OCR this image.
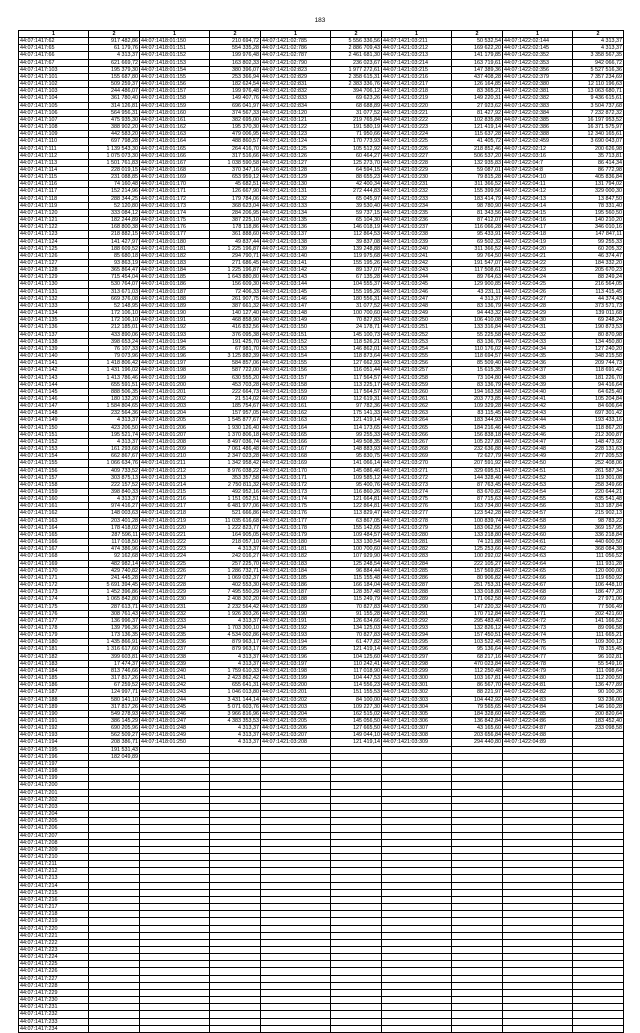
183
1	2	1	2	1	2	1	2	1	2
44:07:1417:62	917 482,86	44:07:1418:01:150	210 694,72	44:07:1421:02:785	5 556 336,56	44:07:1421:03:211	50 532,54	44:07:1422:02:144	4 313,37
44:07:1417:65	61 179,76	44:07:1418:01:151	554 335,28	44:07:1421:02:786	2 886 709,43	44:07:1421:03:212	169 622,20	44:07:1422:02:145	4 313,37
44:07:1417:66	4 313,37	44:07:1418:01:152	199 976,48	44:07:1421:02:787	2 461 681,30	44:07:1421:03:213	141 179,85	44:07:1422:02:352	3 358 567,35
44:07:1417:67	621 669,72	44:07:1418:01:153	163 802,33	44:07:1421:02:790	236 023,67	44:07:1421:03:214	163 719,61	44:07:1422:02:353	942 066,72
44:07:1417:103	195 379,30	44:07:1418:01:154	380 396,07	44:07:1421:02:823	1 977 272,61	44:07:1421:03:215	147 389,36	44:07:1422:02:356	5 527 516,36
44:07:1417:101	155 687,80	44:07:1418:01:155	253 366,94	44:07:1421:02:829	2 358 615,31	44:07:1421:03:216	437 408,28	44:07:1422:02:379	7 357 234,69
44:07:1417:102	509 259,37	44:07:1418:01:156	182 624,54	44:07:1421:02:831	2 383 336,76	44:07:1421:03:217	126 164,85	44:07:1422:02:380	12 110 196,63
44:07:1417:103	244 486,07	44:07:1418:01:157	199 976,48	44:07:1421:02:832	394 706,12	44:07:1421:03:218	83 365,21	44:07:1422:02:381	13 063 680,71
44:07:1417:104	361 780,40	44:07:1418:01:158	149 407,76	44:07:1421:02:833	69 623,26	44:07:1421:03:219	149 220,31	44:07:1422:02:382	9 436 615,61
44:07:1417:105	314 126,81	44:07:1418:01:159	696 041,97	44:07:1421:02:834	68 688,89	44:07:1421:03:220	27 923,62	44:07:1422:02:383	3 504 737,68
44:07:1417:106	564 956,31	44:07:1418:01:160	374 567,33	44:07:1421:03:120	31 077,52	44:07:1421:03:221	81 427,92	44:07:1422:02:384	7 232 872,32
44:07:1417:107	475 935,30	44:07:1418:01:161	382 695,00	44:07:1421:03:121	219 765,84	44:07:1421:03:222	102 835,88	44:07:1422:02:385	16 197 953,52
44:07:1417:108	388 902,20	44:07:1418:01:162	195 370,30	44:07:1421:03:122	191 580,19	44:07:1421:03:223	121 419,14	44:07:1422:02:386	16 371 575,97
44:07:1417:109	442 583,20	44:07:1418:01:163	479 006,95	44:07:1421:03:123	71 950,66	44:07:1421:03:224	115 637,28	44:07:1422:02:388	12 340 165,61
44:07:1417:110	697 798,28	44:07:1418:01:164	488 860,57	44:07:1421:03:124	170 773,93	44:07:1421:03:225	41 405,72	44:07:1422:02:459	3 690 043,07
44:07:1417:111	1 139 543,30	44:07:1418:01:165	264 416,70	44:07:1421:03:125	105 512,92	44:07:1421:03:226	218 852,46	44:07:1422:02:12	200 626,98
44:07:1417:112	1 075 073,30	44:07:1418:01:166	317 516,66	44:07:1421:03:126	60 464,27	44:07:1421:03:227	506 537,20	44:07:1422:03:16	35 713,81
44:07:1417:113	1 501 761,83	44:07:1418:01:167	1 038 590,58	44:07:1421:03:127	125 273,70	44:07:1421:03:228	132 935,83	44:07:1422:04:7	86 414,34
44:07:1417:114	228 019,15	44:07:1418:01:168	370 347,16	44:07:1421:03:128	64 594,15	44:07:1421:03:229	59 087,01	44:07:1422:04:8	86 772,98
44:07:1417:115	231 088,85	44:07:1418:01:169	653 959,12	44:07:1421:03:129	88 655,23	44:07:1421:03:230	79 815,28	44:07:1422:04:10	405 836,84
44:07:1417:116	74 160,48	44:07:1418:01:170	45 682,51	44:07:1421:03:130	42 400,34	44:07:1421:03:231	311 366,52	44:07:1422:04:11	131 794,02
44:07:1417:117	152 214,96	44:07:1418:01:171	126 667,90	44:07:1421:03:131	272 444,83	44:07:1421:03:232	155 399,56	44:07:1422:04:12	329 000,30
44:07:1417:118	288 344,25	44:07:1418:01:172	179 784,06	44:07:1421:03:132	65 045,97	44:07:1421:03:233	183 414,79	44:07:1422:04:13	13 847,50
44:07:1417:119	52 120,80	44:07:1418:01:173	368 623,04	44:07:1421:03:133	39 530,40	44:07:1421:03:234	98 780,90	44:07:1422:04:14	78 331,40
44:07:1417:120	333 084,12	44:07:1418:01:174	284 206,95	44:07:1421:03:134	59 737,15	44:07:1421:03:235	81 343,56	44:07:1422:04:15	195 560,50
44:07:1417:121	182 244,89	44:07:1418:01:175	387 225,10	44:07:1421:03:135	65 104,30	44:07:1421:03:236	87 412,07	44:07:1422:04:16	140 210,20
44:07:1417:122	168 800,38	44:07:1418:01:176	178 118,86	44:07:1421:03:136	146 018,19	44:07:1421:03:237	116 066,28	44:07:1422:04:17	346 010,16
44:07:1417:123	218 882,15	44:07:1418:01:177	361 888,60	44:07:1421:03:137	112 864,53	44:07:1421:03:238	95 433,91	44:07:1422:04:18	147 847,11
44:07:1417:124	141 427,97	44:07:1418:01:180	49 837,44	44:07:1421:03:138	39 837,08	44:07:1421:03:239	69 502,32	44:07:1422:04:19	99 255,33
44:07:1417:125	188 609,52	44:07:1418:01:181	1 225 196,87	44:07:1421:03:139	139 248,88	44:07:1421:03:240	311 366,52	44:07:1422:04:20	60 205,32
44:07:1417:126	85 680,18	44:07:1418:01:182	294 790,71	44:07:1421:03:140	119 975,68	44:07:1421:03:241	99 764,50	44:07:1422:04:21	46 374,47
44:07:1417:127	93 863,19	44:07:1418:01:183	271 686,45	44:07:1421:03:141	155 195,26	44:07:1421:03:242	191 547,07	44:07:1422:04:22	184 332,20
44:07:1417:128	365 864,47	44:07:1418:01:184	1 225 196,87	44:07:1421:03:142	89 137,07	44:07:1421:03:243	117 508,61	44:07:1422:04:23	205 670,23
44:07:1417:129	715 454,04	44:07:1418:01:185	1 643 880,80	44:07:1421:03:143	67 135,28	44:07:1421:03:244	89 764,63	44:07:1422:04:24	88 249,24
44:07:1417:130	530 764,07	44:07:1418:01:186	156 609,30	44:07:1421:03:144	104 555,37	44:07:1421:03:245	129 900,85	44:07:1422:04:25	216 564,05
44:07:1417:131	313 671,03	44:07:1418:01:187	72 406,33	44:07:1421:03:145	155 195,26	44:07:1421:03:246	43 231,11	44:07:1422:04:26	113 415,45
44:07:1417:132	669 376,08	44:07:1418:01:188	261 907,75	44:07:1421:03:146	180 556,31	44:07:1421:03:247	4 313,37	44:07:1422:04:27	44 374,43
44:07:1417:133	52 148,95	44:07:1418:01:189	387 661,32	44:07:1421:03:147	31 077,52	44:07:1421:03:248	83 136,79	44:07:1422:04:28	373 571,73
44:07:1417:134	172 106,10	44:07:1418:01:190	140 127,40	44:07:1421:03:148	100 700,60	44:07:1421:03:249	94 443,32	44:07:1422:04:29	139 011,68
44:07:1417:135	172 106,10	44:07:1418:01:191	468 858,90	44:07:1421:03:149	70 827,83	44:07:1421:03:250	106 410,08	44:07:1422:04:30	69 248,24
44:07:1417:136	212 185,01	44:07:1418:01:192	416 832,56	44:07:1421:03:150	24 178,71	44:07:1421:03:251	133 316,84	44:07:1422:04:31	190 873,53
44:07:1417:137	433 890,06	44:07:1418:01:193	376 095,38	44:07:1421:03:151	145 100,73	44:07:1421:03:252	55 225,58	44:07:1422:04:32	80 870,98
44:07:1417:138	398 653,24	44:07:1418:01:194	191 425,70	44:07:1421:03:152	118 526,21	44:07:1421:03:253	83 136,79	44:07:1422:04:33	134 450,80
44:07:1417:139	76 107,33	44:07:1418:01:195	67 981,70	44:07:1421:03:153	146 862,01	44:07:1421:03:254	110 176,02	44:07:1422:04:34	127 240,20
44:07:1417:140	79 073,96	44:07:1418:01:196	3 125 882,39	44:07:1421:03:154	118 873,64	44:07:1421:03:255	118 694,57	44:07:1422:04:35	348 215,58
44:07:1417:141	1 418 806,42	44:07:1418:01:197	584 857,06	44:07:1421:03:155	127 662,93	44:07:1421:03:256	85 509,40	44:07:1422:04:36	209 744,73
44:07:1417:142	1 431 196,02	44:07:1418:01:198	587 722,00	44:07:1421:03:156	116 051,44	44:07:1421:03:257	15 615,35	44:07:1422:04:37	118 691,42
44:07:1417:143	1 413 786,46	44:07:1418:01:199	630 555,20	44:07:1421:03:157	117 564,57	44:07:1421:03:258	73 104,80	44:07:1422:04:38	181 226,70
44:07:1417:144	655 591,51	44:07:1418:01:200	453 703,28	44:07:1421:03:158	113 225,17	44:07:1421:03:259	83 136,79	44:07:1422:04:39	94 416,64
44:07:1417:145	888 506,35	44:07:1418:01:201	222 664,73	44:07:1421:03:159	117 564,57	44:07:1421:03:260	194 163,58	44:07:1422:04:40	64 625,40
44:07:1417:146	180 132,20	44:07:1418:01:202	21 514,02	44:07:1421:03:160	112 619,31	44:07:1421:03:261	203 773,85	44:07:1422:04:41	105 204,84
44:07:1417:147	1 584 804,65	44:07:1418:01:203	185 754,67	44:07:1421:03:161	97 782,36	44:07:1421:03:262	109 329,28	44:07:1422:04:42	84 606,64
44:07:1417:148	232 564,36	44:07:1418:01:204	157 957,05	44:07:1421:03:162	175 141,33	44:07:1421:03:263	83 115,45	44:07:1422:04:43	697 301,42
44:07:1417:149	4 313,37	44:07:1418:01:205	1 545 877,67	44:07:1421:03:163	121 419,14	44:07:1421:03:264	183 344,93	44:07:1422:04:44	193 433,16
44:07:1417:150	423 206,50	44:07:1418:01:206	1 930 126,40	44:07:1421:03:164	114 173,65	44:07:1421:03:265	184 216,46	44:07:1422:04:45	118 867,20
44:07:1417:151	195 521,74	44:07:1418:01:207	1 370 806,18	44:07:1421:03:165	99 255,33	44:07:1421:03:266	156 838,18	44:07:1422:04:46	212 300,87
44:07:1417:152	4 313,37	44:07:1418:01:208	8 497 036,74	44:07:1421:03:166	149 508,35	44:07:1421:03:267	105 227,80	44:07:1422:04:47	148 473,92
44:07:1417:153	161 293,68	44:07:1418:01:209	7 061 486,48	44:07:1421:03:167	148 883,93	44:07:1421:03:268	232 636,88	44:07:1422:04:48	228 131,63
44:07:1417:154	662 867,67	44:07:1418:01:210	2 347 023,28	44:07:1421:03:168	95 830,75	44:07:1421:03:269	72 627,79	44:07:1422:04:49	277 205,53
44:07:1417:155	1 066 634,76	44:07:1418:01:211	1 342 958,42	44:07:1421:03:169	141 066,14	44:07:1421:03:270	207 591,92	44:07:1422:04:50	252 408,06
44:07:1417:156	409 733,52	44:07:1418:01:212	8 976 038,22	44:07:1421:03:170	145 086,46	44:07:1421:03:271	329 695,51	44:07:1422:04:51	261 587,34
44:07:1417:157	303 875,13	44:07:1418:01:213	353 357,58	44:07:1421:03:171	109 585,12	44:07:1421:03:272	144 328,40	44:07:1422:04:52	119 301,08
44:07:1417:158	222 157,52	44:07:1418:01:214	2 750 811,32	44:07:1421:03:172	95 400,76	44:07:1421:03:273	87 763,45	44:07:1422:04:53	258 349,66
44:07:1417:159	398 840,33	44:07:1418:01:215	492 952,16	44:07:1421:03:173	116 860,26	44:07:1421:03:274	83 670,82	44:07:1422:04:54	220 644,21
44:07:1417:160	4 313,37	44:07:1418:01:216	1 151 052,51	44:07:1421:03:174	121 664,81	44:07:1421:03:275	87 715,63	44:07:1422:04:55	635 541,48
44:07:1417:161	974 416,27	44:07:1418:01:217	6 481 977,06	44:07:1421:03:175	122 864,81	44:07:1421:03:276	163 734,80	44:07:1422:04:56	313 187,84
44:07:1417:162	148 003,63	44:07:1418:01:218	521 666,86	44:07:1421:03:176	113 829,47	44:07:1421:03:277	123 542,28	44:07:1422:04:57	215 902,13
44:07:1417:163	203 401,28	44:07:1418:01:219	11 035 616,68	44:07:1421:03:177	63 867,05	44:07:1421:03:278	100 839,74	44:07:1422:04:58	98 783,22
44:07:1417:164	178 418,02	44:07:1418:01:220	1 222 823,77	44:07:1421:03:178	155 142,65	44:07:1421:03:279	183 062,56	44:07:1422:04:59	369 157,95
44:07:1417:165	287 596,11	44:07:1418:01:221	164 905,05	44:07:1421:03:179	109 484,57	44:07:1421:03:280	133 218,80	44:07:1422:04:60	336 218,84
44:07:1417:166	117 018,50	44:07:1418:01:222	218 057,10	44:07:1421:03:180	133 130,54	44:07:1421:03:281	74 121,88	44:07:1422:04:61	440 600,50
44:07:1417:167	474 386,96	44:07:1418:01:223	4 313,37	44:07:1421:03:181	100 700,60	44:07:1421:03:282	125 253,66	44:07:1422:04:62	368 084,38
44:07:1417:168	92 162,68	44:07:1418:01:224	242 016,27	44:07:1421:03:182	107 929,90	44:07:1421:03:283	100 292,02	44:07:1422:04:63	111 056,52
44:07:1417:169	482 982,14	44:07:1418:01:225	257 225,70	44:07:1421:03:183	125 248,54	44:07:1421:03:284	222 105,27	44:07:1422:04:64	111 931,28
44:07:1417:170	429 740,82	44:07:1418:01:226	1 286 732,71	44:07:1421:03:184	96 884,44	44:07:1421:03:285	157 569,82	44:07:1422:04:65	120 000,00
44:07:1417:171	241 445,28	44:07:1418:01:227	1 069 032,37	44:07:1421:03:185	115 155,48	44:07:1421:03:286	80 906,82	44:07:1422:04:66	119 650,92
44:07:1417:172	5 691 394,45	44:07:1418:01:228	402 553,30	44:07:1421:03:186	166 184,04	44:07:1421:03:287	251 753,31	44:07:1422:04:67	106 448,10
44:07:1417:173	1 452 396,86	44:07:1418:01:229	7 495 550,29	44:07:1421:03:187	128 357,48	44:07:1421:03:288	133 018,80	44:07:1422:04:68	186 477,20
44:07:1417:174	1 065 842,80	44:07:1418:01:230	2 408 302,20	44:07:1421:03:188	115 249,79	44:07:1421:03:289	171 062,58	44:07:1422:04:69	27 971,06
44:07:1417:175	287 613,71	44:07:1418:01:231	2 232 564,42	44:07:1421:03:189	70 827,83	44:07:1421:03:290	147 220,32	44:07:1422:04:70	77 506,49
44:07:1417:176	308 761,43	44:07:1418:01:232	1 926 303,26	44:07:1421:03:190	91 155,28	44:07:1421:03:291	170 712,84	44:07:1422:04:71	202 421,60
44:07:1417:177	136 996,37	44:07:1418:01:233	4 313,37	44:07:1421:03:191	126 634,66	44:07:1421:03:292	295 483,40	44:07:1422:04:72	141 166,52
44:07:1417:178	139 796,36	44:07:1418:01:234	1 703 300,10	44:07:1421:03:192	134 125,03	44:07:1421:03:293	132 826,12	44:07:1422:04:73	89 096,58
44:07:1417:179	173 136,35	44:07:1418:01:235	4 534 002,86	44:07:1421:03:193	70 827,83	44:07:1421:03:294	157 450,51	44:07:1422:04:74	111 665,21
44:07:1417:180	1 435 866,91	44:07:1418:01:236	879 963,17	44:07:1421:03:194	61 477,82	44:07:1421:03:295	103 522,45	44:07:1422:04:75	109 300,12
44:07:1417:181	1 316 617,60	44:07:1418:01:237	879 963,17	44:07:1421:03:195	121 419,14	44:07:1421:03:296	95 136,64	44:07:1422:04:76	78 315,45
44:07:1417:182	399 603,81	44:07:1418:01:238	4 313,37	44:07:1421:03:196	104 125,60	44:07:1421:03:297	68 217,16	44:07:1422:04:77	96 102,81
44:07:1417:183	17 474,37	44:07:1418:01:239	4 313,37	44:07:1421:03:197	110 242,41	44:07:1421:03:298	470 023,84	44:07:1422:04:78	55 549,16
44:07:1417:184	813 746,66	44:07:1418:01:240	1 759 610,33	44:07:1421:03:198	117 018,90	44:07:1421:03:299	112 250,48	44:07:1422:04:79	111 098,64
44:07:1417:185	317 817,26	44:07:1418:01:241	2 423 862,42	44:07:1421:03:199	104 447,53	44:07:1421:03:300	103 167,81	44:07:1422:04:80	112 200,50
44:07:1417:186	67 259,52	44:07:1418:01:242	655 641,31	44:07:1421:03:200	114 556,23	44:07:1421:03:301	86 567,70	44:07:1422:04:81	136 477,89
44:07:1417:187	124 997,71	44:07:1418:01:243	1 046 013,80	44:07:1421:03:201	151 155,53	44:07:1421:03:302	88 221,97	44:07:1422:04:82	90 100,26
44:07:1417:188	580 141,10	44:07:1418:01:244	3 431 144,14	44:07:1421:03:202	84 100,00	44:07:1421:03:303	104 442,92	44:07:1422:04:83	93 236,00
44:07:1417:189	317 817,26	44:07:1418:01:245	5 071 603,76	44:07:1421:03:203	109 227,30	44:07:1421:03:304	79 565,65	44:07:1422:04:84	146 160,28
44:07:1417:190	549 278,93	44:07:1418:01:246	3 966 816,96	44:07:1421:03:204	162 515,02	44:07:1421:03:305	184 328,60	44:07:1422:04:85	200 820,64
44:07:1417:191	386 145,29	44:07:1418:01:247	4 383 353,53	44:07:1421:03:205	145 056,50	44:07:1421:03:306	136 842,84	44:07:1422:04:86	183 452,40
44:07:1417:192	690 205,96	44:07:1418:01:248	4 313,37	44:07:1421:03:206	127 665,50	44:07:1421:03:307	43 165,60	44:07:1422:04:87	233 098,58
44:07:1417:193	562 509,27	44:07:1418:01:249	4 313,37	44:07:1421:03:207	149 044,10	44:07:1421:03:308	203 656,84	44:07:1422:04:88	
44:07:1417:194	208 386,71	44:07:1418:01:250	4 313,37	44:07:1421:03:208	121 419,14	44:07:1421:03:309	294 440,80	44:07:1422:04:89	
44:07:1417:195	191 531,43								
44:07:1417:196	182 049,89								
44:07:1417:197									
44:07:1417:198									
44:07:1417:199									
44:07:1417:200									
44:07:1417:201									
44:07:1417:202									
44:07:1417:203									
44:07:1417:204									
44:07:1417:205									
44:07:1417:206									
44:07:1417:207									
44:07:1417:208									
44:07:1417:209									
44:07:1417:210									
44:07:1417:211									
44:07:1417:212									
44:07:1417:213									
44:07:1417:214									
44:07:1417:215									
44:07:1417:216									
44:07:1417:217									
44:07:1417:218									
44:07:1417:219									
44:07:1417:220									
44:07:1417:221									
44:07:1417:222									
44:07:1417:223									
44:07:1417:224									
44:07:1417:225									
44:07:1417:226									
44:07:1417:227									
44:07:1417:228									
44:07:1417:229									
44:07:1417:230									
44:07:1417:231									
44:07:1417:232									
44:07:1417:233									
44:07:1417:234									
